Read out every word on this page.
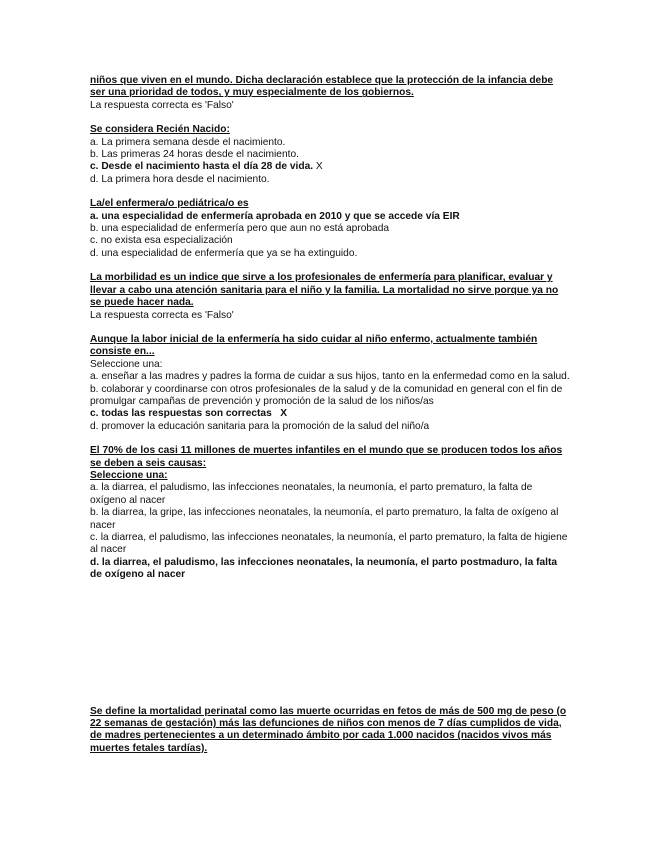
niños que viven en el mundo. Dicha declaración establece que la protección de la infancia debe ser una prioridad de todos, y muy especialmente de los gobiernos.
La respuesta correcta es 'Falso'
Se considera Recién Nacido:
a. La primera semana desde el nacimiento.
b. Las primeras 24 horas desde el nacimiento.
c. Desde el nacimiento hasta el día 28 de vida. X
d. La primera hora desde el nacimiento.
La/el enfermera/o pediátrica/o es
a. una especialidad de enfermería aprobada en 2010 y que se accede vía EIR
b. una especialidad de enfermería pero que aun no está aprobada
c. no exista esa especialización
d. una especialidad de enfermería que ya se ha extinguido.
La morbilidad es un indice que sirve a los profesionales de enfermería para planificar, evaluar y llevar a cabo una atención sanitaria para el niño y la familia. La mortalidad no sirve porque ya no se puede hacer nada.
La respuesta correcta es 'Falso'
Aunque la labor inicial de la enfermería ha sido cuidar al niño enfermo, actualmente también consiste en...
Seleccione una:
a. enseñar a las madres y padres la forma de cuidar a sus hijos, tanto en la enfermedad como en la salud.
b. colaborar y coordinarse con otros profesionales de la salud y de la comunidad en general con el fin de promulgar campañas de prevención y promoción de la salud de los niños/as
c. todas las respuestas son correctas   X
d. promover la educación sanitaria para la promoción de la salud del niño/a
El 70% de los casi 11 millones de muertes infantiles en el mundo que se producen todos los años se deben a seis causas:
Seleccione una:
a. la diarrea, el paludismo, las infecciones neonatales, la neumonía, el parto prematuro, la falta de oxígeno al nacer
b. la diarrea, la gripe, las infecciones neonatales, la neumonía, el parto prematuro, la falta de oxígeno al nacer
c. la diarrea, el paludismo, las infecciones neonatales, la neumonía, el parto prematuro, la falta de higiene al nacer
d. la diarrea, el paludismo, las infecciones neonatales, la neumonía, el parto postmaduro, la falta de oxígeno al nacer
Se define la mortalidad perinatal como las muerte ocurridas en fetos de más de 500 mg de peso (o 22 semanas de gestación) más las defunciones de niños con menos de 7 días cumplidos de vida, de madres pertenecientes a un determinado ámbito por cada 1.000 nacidos (nacidos vivos más muertes fetales tardías).
